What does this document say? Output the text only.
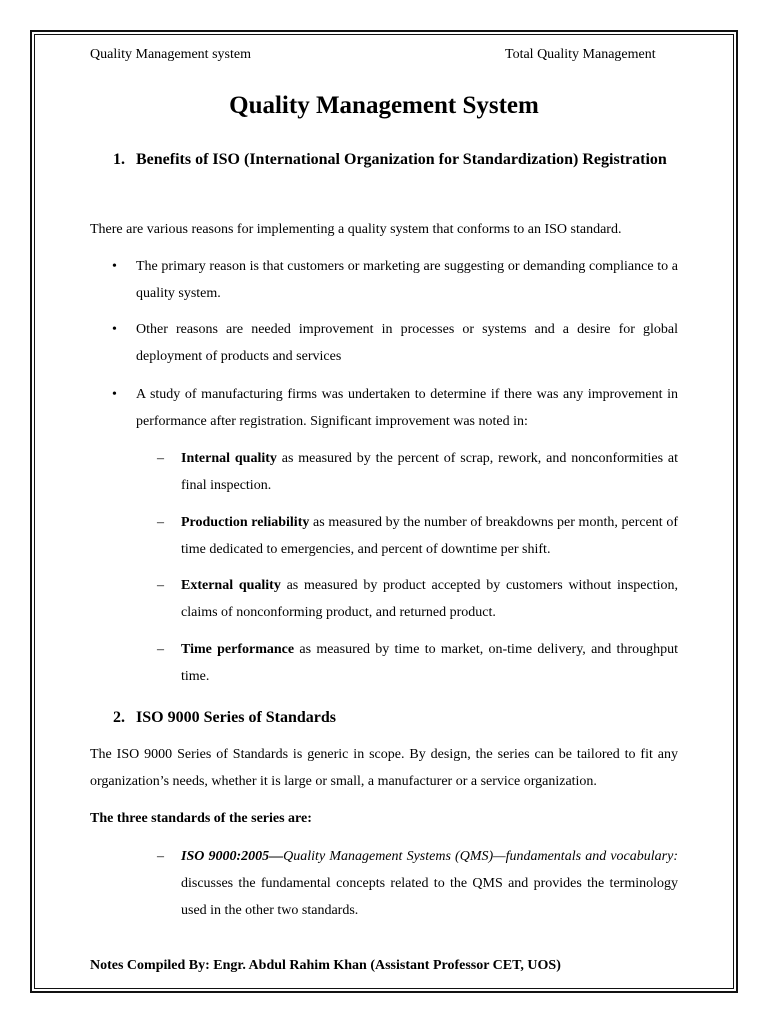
Quality Management system	Total Quality Management
Quality Management System
1. Benefits of ISO (International Organization for Standardization) Registration
There are various reasons for implementing a quality system that conforms to an ISO standard.
• The primary reason is that customers or marketing are suggesting or demanding compliance to a quality system.
• Other reasons are needed improvement in processes or systems and a desire for global deployment of products and services
• A study of manufacturing firms was undertaken to determine if there was any improvement in performance after registration. Significant improvement was noted in:
– Internal quality as measured by the percent of scrap, rework, and nonconformities at final inspection.
– Production reliability as measured by the number of breakdowns per month, percent of time dedicated to emergencies, and percent of downtime per shift.
– External quality as measured by product accepted by customers without inspection, claims of nonconforming product, and returned product.
– Time performance as measured by time to market, on-time delivery, and throughput time.
2. ISO 9000 Series of Standards
The ISO 9000 Series of Standards is generic in scope. By design, the series can be tailored to fit any organization’s needs, whether it is large or small, a manufacturer or a service organization.
The three standards of the series are:
– ISO 9000:2005—Quality Management Systems (QMS)—fundamentals and vocabulary: discusses the fundamental concepts related to the QMS and provides the terminology used in the other two standards.
Notes Compiled By: Engr. Abdul Rahim Khan (Assistant Professor CET, UOS)
